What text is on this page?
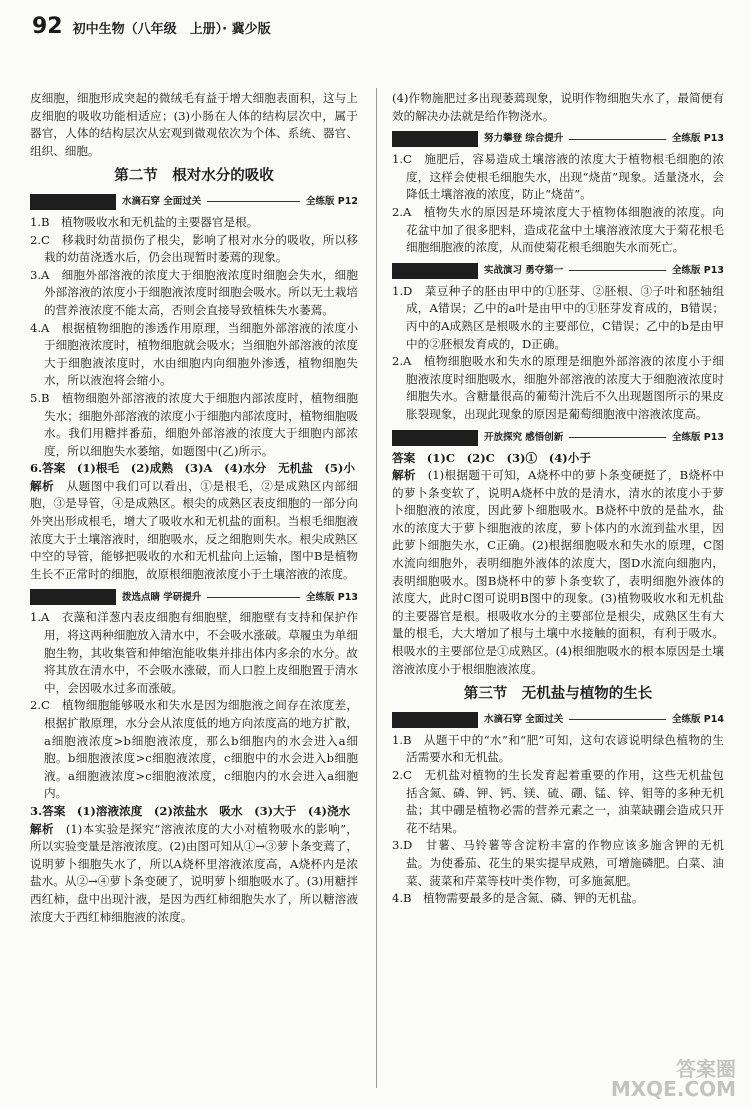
92 初中生物（八年级　上册）· 冀少版

皮细胞，细胞形成突起的微绒毛有益于增大细胞表面积，这与上皮细胞的吸收功能相适应；(3)小肠在人体的结构层次中，属于器官，人体的结构层次从宏观到微观依次为个体、系统、器官、组织、细胞。

第二节　根对水分的吸收
水滴石穿 全面过关	全练版 P12

1.B　植物吸收水和无机盐的主要器官是根。

2.C　移栽时幼苗损伤了根尖，影响了根对水分的吸收，所以移栽的幼苗浇透水后，仍会出现暂时萎蔫的现象。

3.A　细胞外部溶液的浓度大于细胞液浓度时细胞会失水，细胞外部溶液的浓度小于细胞液浓度时细胞会吸水。所以无土栽培的营养液浓度不能太高，否则会直接导致植株失水萎蔫。

4.A　根据植物细胞的渗透作用原理，当细胞外部溶液的浓度小于细胞液浓度时，植物细胞就会吸水；当细胞外部溶液的浓度大于细胞液浓度时，水由细胞内向细胞外渗透，植物细胞失水，所以液泡将会缩小。

5.B　植物细胞外部溶液的浓度大于细胞内部浓度时，植物细胞失水；细胞外部溶液的浓度小于细胞内部浓度时，植物细胞吸水。我们用糖拌番茄，细胞外部溶液的浓度大于细胞内部浓度，所以细胞失水萎缩，如题图中(乙)所示。

6.答案　(1)根毛　(2)成熟　(3)A　(4)水分　无机盐　(5)小

解析　 从题图中我们可以看出，①是根毛，②是成熟区内部细胞，③是导管，④是成熟区。根尖的成熟区表皮细胞的一部分向外突出形成根毛，增大了吸收水和无机盐的面积。当根毛细胞液浓度大于土壤溶液时，细胞吸水，反之细胞则失水。根尖成熟区中空的导管，能够把吸收的水和无机盐向上运输，图中B是植物生长不正常时的细胞，故原根细胞液浓度小于土壤溶液的浓度。

拨选点睛 学研提升	全练版 P13

1.A　衣藻和洋葱内表皮细胞有细胞壁，细胞壁有支持和保护作用，将这两种细胞放入清水中，不会吸水涨破。草履虫为单细胞生物，其收集管和伸缩泡能收集并排出体内多余的水分。故将其放在清水中，不会吸水涨破，而人口腔上皮细胞置于清水中，会因吸水过多而涨破。

2.C　植物细胞能够吸水和失水是因为细胞液之间存在浓度差，根据扩散原理，水分会从浓度低的地方向浓度高的地方扩散，a细胞液浓度>b细胞液浓度，那么b细胞内的水会进入a细胞。b细胞液浓度>c细胞液浓度，c细胞中的水会进入b细胞液。a细胞液浓度>c细胞液浓度，c细胞内的水会进入a细胞内。

3.答案　(1)溶液浓度　(2)浓盐水　吸水　(3)大于　(4)浇水

解析　 (1)本实验是探究“溶液浓度的大小对植物吸水的影响”，所以实验变量是溶液浓度。(2)由图可知从①→③萝卜条变蔫了，说明萝卜细胞失水了，所以A烧杯里溶液浓度高，A烧杯内是浓盐水。从②→④萝卜条变硬了，说明萝卜细胞吸水了。(3)用糖拌西红柿，盘中出现汁液，是因为西红柿细胞失水了，所以糖溶液浓度大于西红柿细胞液的浓度。

(4)作物施肥过多出现萎蔫现象，说明作物细胞失水了，最简便有效的解决办法就是给作物浇水。

努力攀登 综合提升	全练版 P13

1.C　施肥后，容易造成土壤溶液的浓度大于植物根毛细胞的浓度，这样会使根毛细胞失水，出现“烧苗”现象。适量浇水，会降低土壤溶液的浓度，防止“烧苗”。

2.A　植物失水的原因是环境浓度大于植物体细胞液的浓度。向花盆中加了很多肥料，造成花盆中土壤溶液浓度大于菊花根毛细胞细胞液的浓度，从而使菊花根毛细胞失水而死亡。

实战演习 勇夺第一	全练版 P13

1.D　菜豆种子的胚由甲中的①胚芽、②胚根、③子叶和胚轴组成，A错误；乙中的a叶是由甲中的①胚芽发育成的，B错误；丙中的A成熟区是根吸水的主要部位，C错误；乙中的b是由甲中的②胚根发育成的，D正确。

2.A　植物细胞吸水和失水的原理是细胞外部溶液的浓度小于细胞液浓度时细胞吸水，细胞外部溶液的浓度大于细胞液浓度时细胞失水。含糖量很高的葡萄汁洗后不久出现题图所示的果皮胀裂现象，出现此现象的原因是葡萄细胞液中溶液浓度高。

开放探究 感悟创新	全练版 P13

答案　(1)C　(2)C　(3)①　(4)小于

解析　 (1)根据题干可知，A烧杯中的萝卜条变硬挺了，B烧杯中的萝卜条变软了，说明A烧杯中放的是清水，清水的浓度小于萝卜细胞液的浓度，因此萝卜细胞吸水。B烧杯中放的是盐水，盐水的浓度大于萝卜细胞液的浓度，萝卜体内的水流到盐水里，因此萝卜细胞失水，C正确。(2)根据细胞吸水和失水的原理，C图水流向细胞外，表明细胞外液体的浓度大，图D水流向细胞内，表明细胞吸水。图B烧杯中的萝卜条变软了，表明细胞外液体的浓度大，此时C图可说明B图中的现象。(3)植物吸收水和无机盐的主要器官是根。根吸收水分的主要部位是根尖，成熟区生有大量的根毛，大大增加了根与土壤中水接触的面积，有利于吸水。根吸水的主要部位是①成熟区。(4)根细胞吸水的根本原因是土壤溶液浓度小于根细胞液浓度。

第三节　无机盐与植物的生长
水滴石穿 全面过关	全练版 P14

1.B　从题干中的“水”和“肥”可知，这句农谚说明绿色植物的生活需要水和无机盐。

2.C　无机盐对植物的生长发育起着重要的作用，这些无机盐包括含氮、磷、钾、钙、镁、硫、硼、锰、锌、钼等的多种无机盐；其中硼是植物必需的营养元素之一，油菜缺硼会造成只开花不结果。

3.D　甘薯、马铃薯等含淀粉丰富的作物应该多施含钾的无机盐。为使番茄、花生的果实提早成熟，可增施磷肥。白菜、油菜、菠菜和芹菜等枝叶类作物，可多施氮肥。

4.B　植物需要最多的是含氮、磷、钾的无机盐。

答案圈
MXQE.COM
